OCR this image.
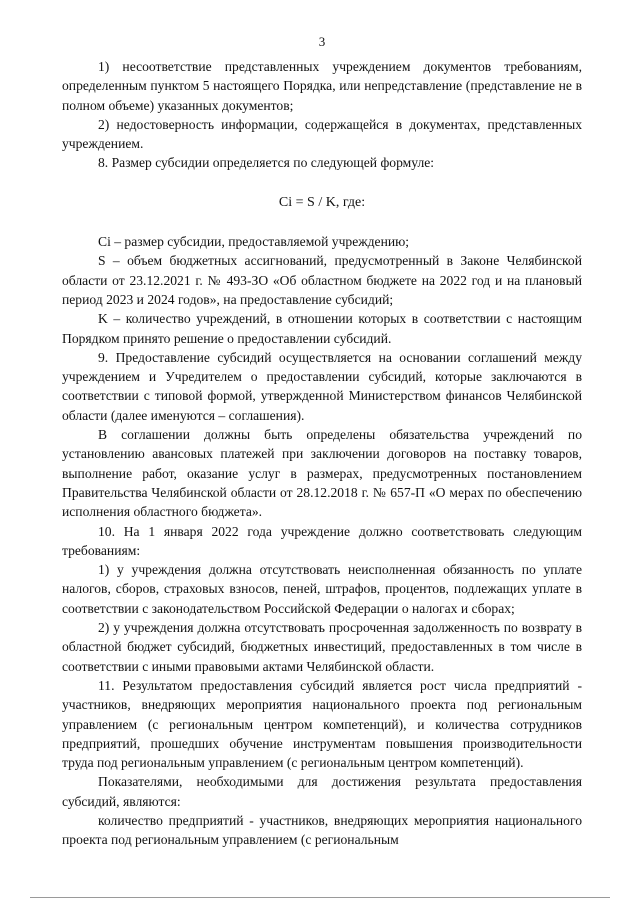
3

1) несоответствие представленных учреждением документов требованиям, определенным пунктом 5 настоящего Порядка, или непредставление (представление не в полном объеме) указанных документов;

2) недостоверность информации, содержащейся в документах, представленных учреждением.

8. Размер субсидии определяется по следующей формуле:

Ci = S / K, где:

Ci – размер субсидии, предоставляемой учреждению;

S – объем бюджетных ассигнований, предусмотренный в Законе Челябинской области от 23.12.2021 г. № 493-ЗО «Об областном бюджете на 2022 год и на плановый период 2023 и 2024 годов», на предоставление субсидий;

K – количество учреждений, в отношении которых в соответствии с настоящим Порядком принято решение о предоставлении субсидий.

9. Предоставление субсидий осуществляется на основании соглашений между учреждением и Учредителем о предоставлении субсидий, которые заключаются в соответствии с типовой формой, утвержденной Министерством финансов Челябинской области (далее именуются – соглашения).

В соглашении должны быть определены обязательства учреждений по установлению авансовых платежей при заключении договоров на поставку товаров, выполнение работ, оказание услуг в размерах, предусмотренных постановлением Правительства Челябинской области от 28.12.2018 г. № 657-П «О мерах по обеспечению исполнения областного бюджета».

10. На 1 января 2022 года учреждение должно соответствовать следующим требованиям:

1) у учреждения должна отсутствовать неисполненная обязанность по уплате налогов, сборов, страховых взносов, пеней, штрафов, процентов, подлежащих уплате в соответствии с законодательством Российской Федерации о налогах и сборах;

2) у учреждения должна отсутствовать просроченная задолженность по возврату в областной бюджет субсидий, бюджетных инвестиций, предоставленных в том числе в соответствии с иными правовыми актами Челябинской области.

11. Результатом предоставления субсидий является рост числа предприятий - участников, внедряющих мероприятия национального проекта под региональным управлением (с региональным центром компетенций), и количества сотрудников предприятий, прошедших обучение инструментам повышения производительности труда под региональным управлением (с региональным центром компетенций).

Показателями, необходимыми для достижения результата предоставления субсидий, являются:

количество предприятий - участников, внедряющих мероприятия национального проекта под региональным управлением (с региональным
